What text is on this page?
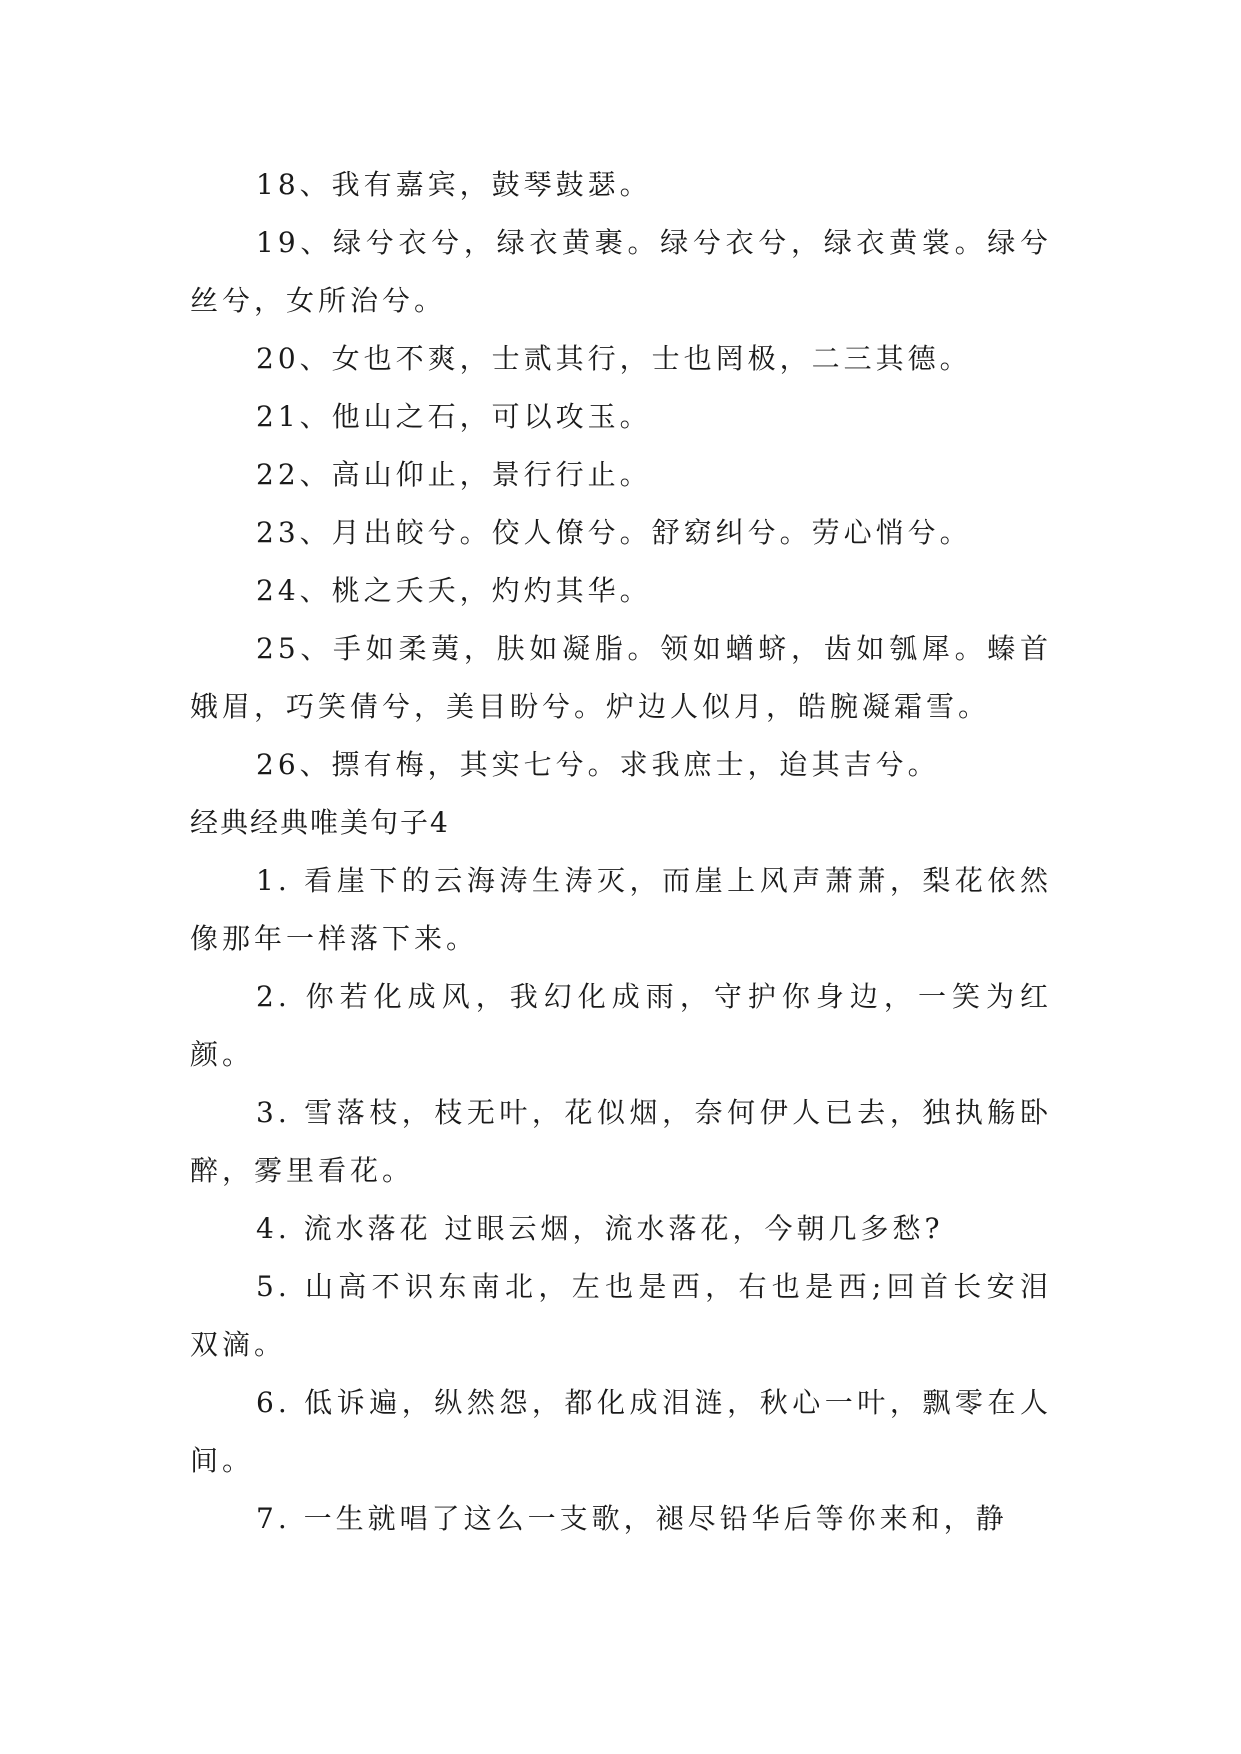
18、我有嘉宾，鼓琴鼓瑟。

19、绿兮衣兮，绿衣黄裹。绿兮衣兮，绿衣黄裳。绿兮丝兮，女所治兮。

20、女也不爽，士贰其行，士也罔极，二三其德。

21、他山之石，可以攻玉。

22、高山仰止，景行行止。

23、月出皎兮。佼人僚兮。舒窈纠兮。劳心悄兮。

24、桃之夭夭，灼灼其华。

25、手如柔荑，肤如凝脂。领如蝤蛴，齿如瓠犀。螓首娥眉，巧笑倩兮，美目盼兮。炉边人似月，皓腕凝霜雪。

26、摽有梅，其实七兮。求我庶士，迨其吉兮。

经典经典唯美句子4

1. 看崖下的云海涛生涛灭，而崖上风声萧萧，梨花依然像那年一样落下来。

2. 你若化成风，我幻化成雨，守护你身边，一笑为红颜。

3. 雪落枝，枝无叶，花似烟，奈何伊人已去，独执觞卧醉，雾里看花。

4. 流水落花 过眼云烟，流水落花，今朝几多愁?

5. 山高不识东南北，左也是西，右也是西;回首长安泪双滴。

6. 低诉遍，纵然怨，都化成泪涟，秋心一叶，飘零在人间。

7. 一生就唱了这么一支歌，褪尽铅华后等你来和，静
